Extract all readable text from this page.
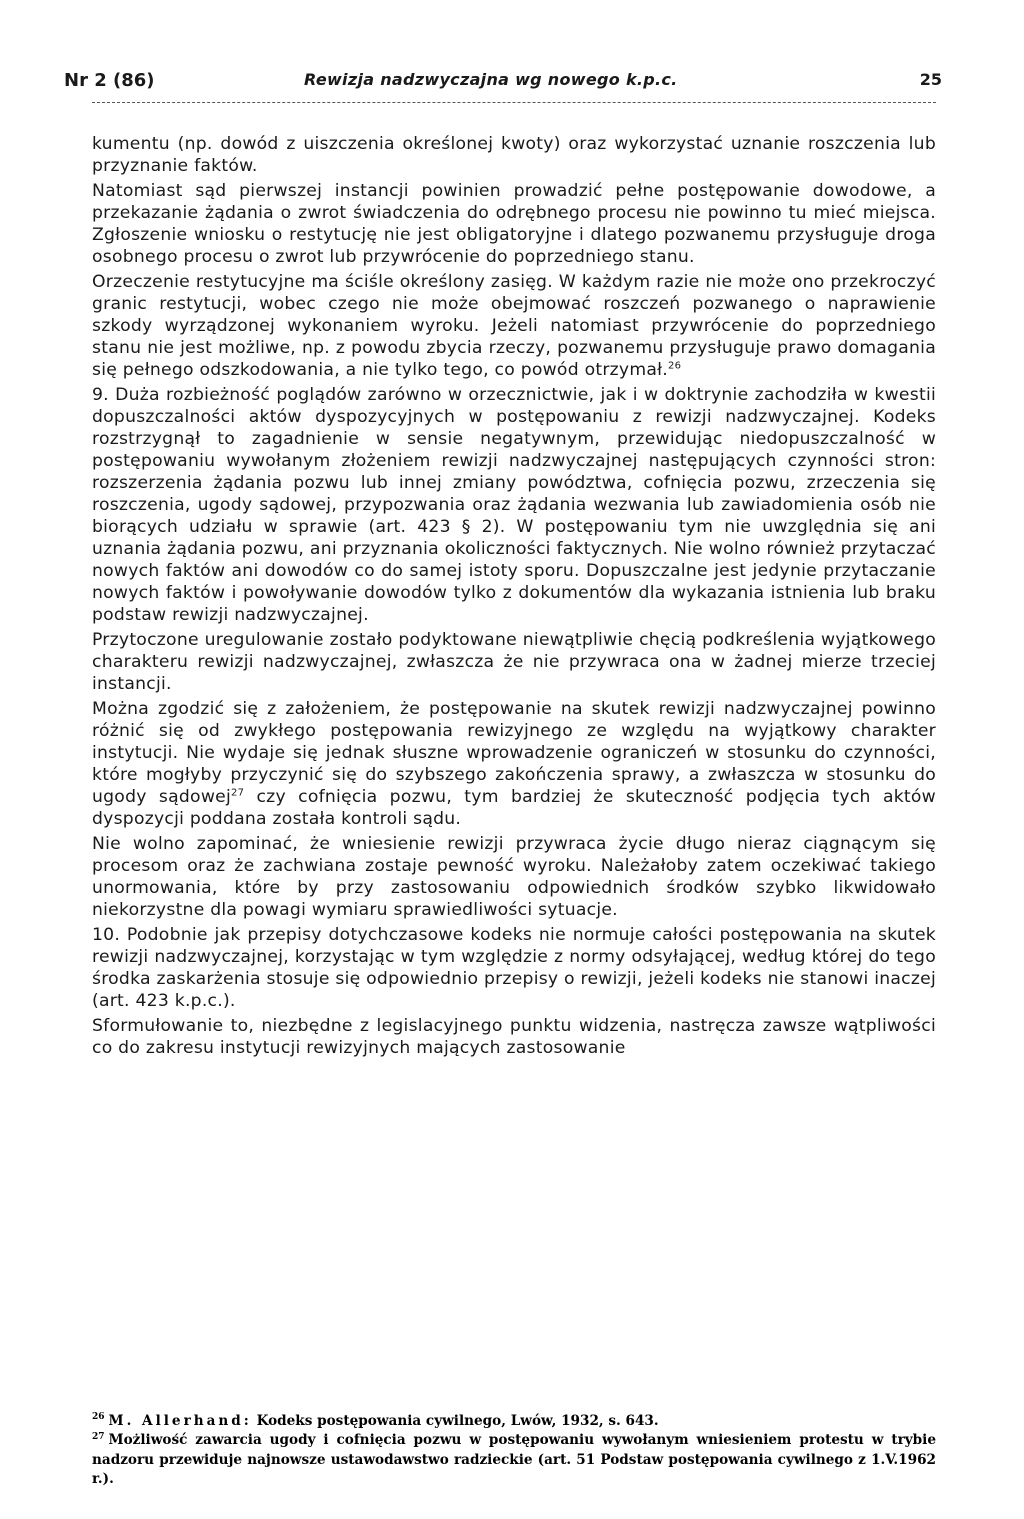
Nr 2 (86)	Rewizja nadzwyczajna wg nowego k.p.c.	25

kumentu (np. dowód z uiszczenia określonej kwoty) oraz wykorzystać uznanie roszczenia lub przyznanie faktów.

Natomiast sąd pierwszej instancji powinien prowadzić pełne postępowanie dowodowe, a przekazanie żądania o zwrot świadczenia do odrębnego procesu nie powinno tu mieć miejsca. Zgłoszenie wniosku o restytucję nie jest obligatoryjne i dlatego pozwanemu przysługuje droga osobnego procesu o zwrot lub przywrócenie do poprzedniego stanu.

Orzeczenie restytucyjne ma ściśle określony zasięg. W każdym razie nie może ono przekroczyć granic restytucji, wobec czego nie może obejmować roszczeń pozwanego o naprawienie szkody wyrządzonej wykonaniem wyroku. Jeżeli natomiast przywrócenie do poprzedniego stanu nie jest możliwe, np. z powodu zbycia rzeczy, pozwanemu przysługuje prawo domagania się pełnego odszkodowania, a nie tylko tego, co powód otrzymał.$^{26}$

9. Duża rozbieżność poglądów zarówno w orzecznictwie, jak i w doktrynie zachodziła w kwestii dopuszczalności aktów dyspozycyjnych w postępowaniu z rewizji nadzwyczajnej. Kodeks rozstrzygnął to zagadnienie w sensie negatywnym, przewidując niedopuszczalność w postępowaniu wywołanym złożeniem rewizji nadzwyczajnej następujących czynności stron: rozszerzenia żądania pozwu lub innej zmiany powództwa, cofnięcia pozwu, zrzeczenia się roszczenia, ugody sądowej, przypozwania oraz żądania wezwania lub zawiadomienia osób nie biorących udziału w sprawie (art. 423 § 2). W postępowaniu tym nie uwzględnia się ani uznania żądania pozwu, ani przyznania okoliczności faktycznych. Nie wolno również przytaczać nowych faktów ani dowodów co do samej istoty sporu. Dopuszczalne jest jedynie przytaczanie nowych faktów i powoływanie dowodów tylko z dokumentów dla wykazania istnienia lub braku podstaw rewizji nadzwyczajnej.

Przytoczone uregulowanie zostało podyktowane niewątpliwie chęcią podkreślenia wyjątkowego charakteru rewizji nadzwyczajnej, zwłaszcza że nie przywraca ona w żadnej mierze trzeciej instancji.

Można zgodzić się z założeniem, że postępowanie na skutek rewizji nadzwyczajnej powinno różnić się od zwykłego postępowania rewizyjnego ze względu na wyjątkowy charakter instytucji. Nie wydaje się jednak słuszne wprowadzenie ograniczeń w stosunku do czynności, które mogłyby przyczynić się do szybszego zakończenia sprawy, a zwłaszcza w stosunku do ugody sądowej$^{27}$ czy cofnięcia pozwu, tym bardziej że skuteczność podjęcia tych aktów dyspozycji poddana została kontroli sądu.

Nie wolno zapominać, że wniesienie rewizji przywraca życie długo nieraz ciągnącym się procesom oraz że zachwiana zostaje pewność wyroku. Należałoby zatem oczekiwać takiego unormowania, które by przy zastosowaniu odpowiednich środków szybko likwidowało niekorzystne dla powagi wymiaru sprawiedliwości sytuacje.

10. Podobnie jak przepisy dotychczasowe kodeks nie normuje całości postępowania na skutek rewizji nadzwyczajnej, korzystając w tym względzie z normy odsyłającej, według której do tego środka zaskarżenia stosuje się odpowiednio przepisy o rewizji, jeżeli kodeks nie stanowi inaczej (art. 423 k.p.c.).

Sformułowanie to, niezbędne z legislacyjnego punktu widzenia, nastręcza zawsze wątpliwości co do zakresu instytucji rewizyjnych mających zastosowanie

$^{26}$ M. Allerhand: Kodeks postępowania cywilnego, Lwów, 1932, s. 643.

$^{27}$ Możliwość zawarcia ugody i cofnięcia pozwu w postępowaniu wywołanym wniesieniem protestu w trybie nadzoru przewiduje najnowsze ustawodawstwo radzieckie (art. 51 Podstaw postępowania cywilnego z 1.V.1962 r.).
